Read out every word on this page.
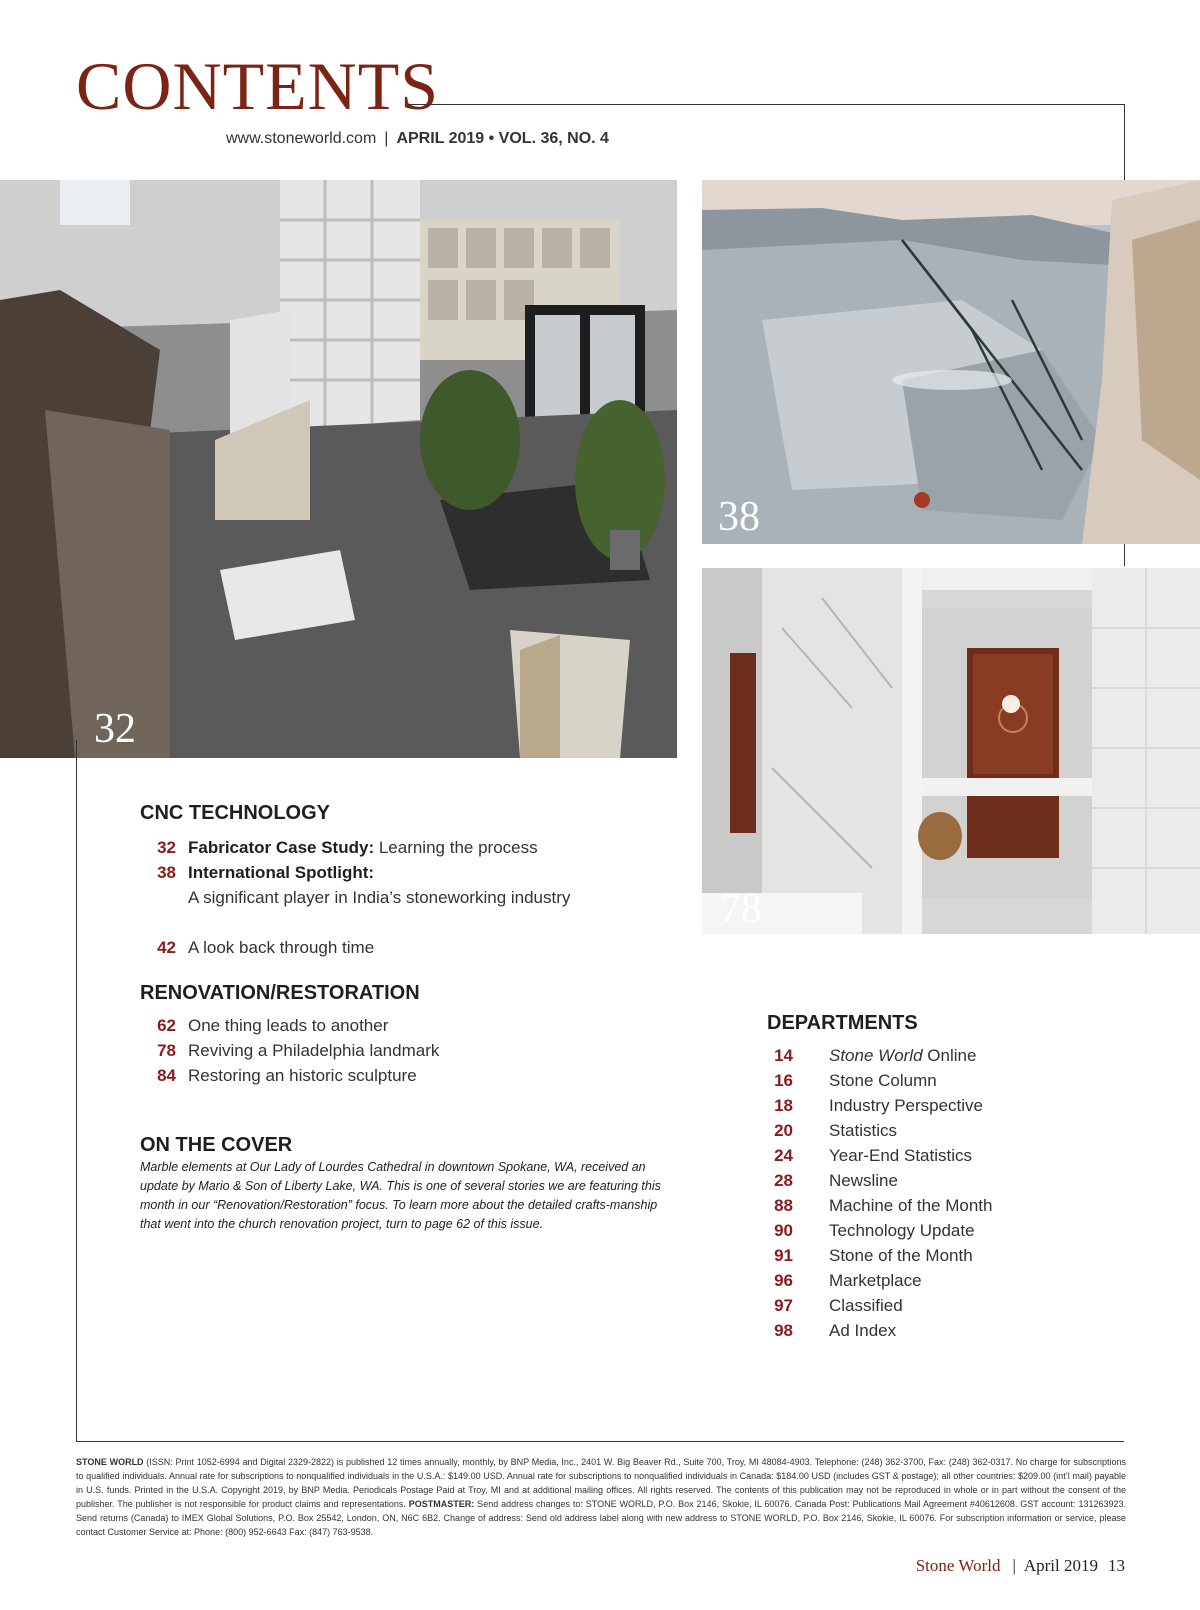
CONTENTS
www.stoneworld.com | APRIL 2019 • VOL. 36, NO. 4
32
38
78
CNC TECHNOLOGY
32 Fabricator Case Study: Learning the process
38 International Spotlight:
A significant player in India’s stoneworking industry
42 A look back through time
RENOVATION/RESTORATION
62 One thing leads to another
78 Reviving a Philadelphia landmark
84 Restoring an historic sculpture
ON THE COVER

Marble elements at Our Lady of Lourdes Cathedral in downtown Spokane, WA, received an update by Mario & Son of Liberty Lake, WA. This is one of several stories we are featuring this month in our “Renovation/Restoration” focus. To learn more about the detailed crafts-manship that went into the church renovation project, turn to page 62 of this issue.

DEPARTMENTS
14 Stone World Online
16 Stone Column
18 Industry Perspective
20 Statistics
24 Year-End Statistics
28 Newsline
88 Machine of the Month
90 Technology Update
91 Stone of the Month
96 Marketplace
97 Classified
98 Ad Index

STONE WORLD (ISSN: Print 1052-6994 and Digital 2329-2822) is published 12 times annually, monthly, by BNP Media, Inc., 2401 W. Big Beaver Rd., Suite 700, Troy, MI 48084-4903. Telephone: (248) 362-3700, Fax: (248) 362-0317. No charge for subscriptions to qualified individuals. Annual rate for subscriptions to nonqualified individuals in the U.S.A.: $149.00 USD. Annual rate for subscriptions to nonqualified individuals in Canada: $184.00 USD (includes GST & postage); all other countries: $209.00 (int’l mail) payable in U.S. funds. Printed in the U.S.A. Copyright 2019, by BNP Media. Periodicals Postage Paid at Troy, MI and at additional mailing offices. All rights reserved. The contents of this publication may not be reproduced in whole or in part without the consent of the publisher. The publisher is not responsible for product claims and representations. POSTMASTER: Send address changes to: STONE WORLD, P.O. Box 2146, Skokie, IL 60076. Canada Post: Publications Mail Agreement #40612608. GST account: 131263923. Send returns (Canada) to IMEX Global Solutions, P.O. Box 25542, London, ON, N6C 6B2. Change of address: Send old address label along with new address to STONE WORLD, P.O. Box 2146, Skokie, IL 60076. For subscription information or service, please contact Customer Service at: Phone: (800) 952-6643 Fax: (847) 763-9538.

Stone World | April 2019 13
